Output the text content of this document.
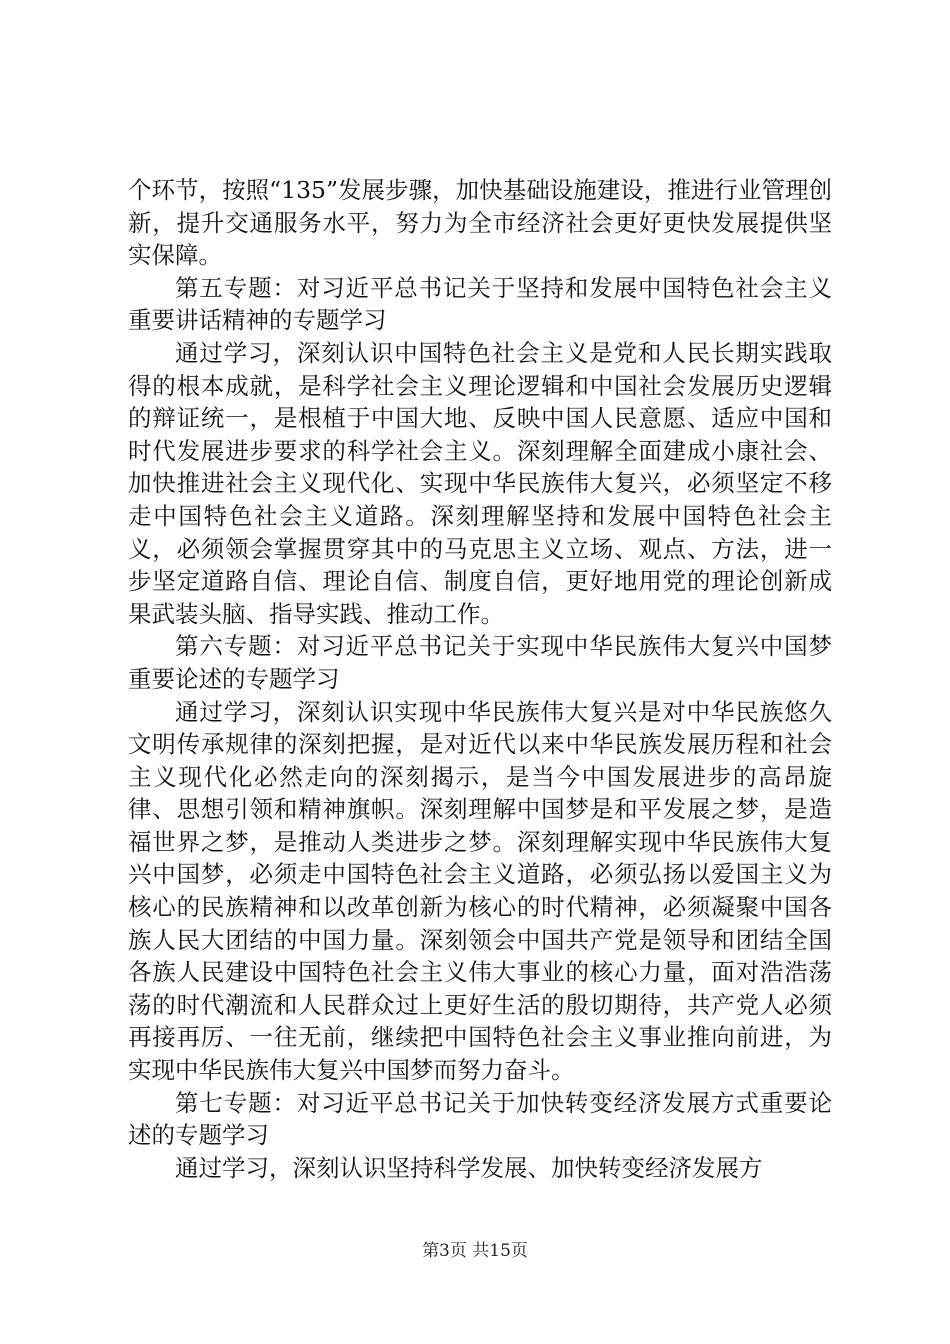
个环节，按照“135”发展步骤，加快基础设施建设，推进行业管理创新，提升交通服务水平，努力为全市经济社会更好更快发展提供坚实保障。

第五专题：对习近平总书记关于坚持和发展中国特色社会主义重要讲话精神的专题学习

通过学习，深刻认识中国特色社会主义是党和人民长期实践取得的根本成就，是科学社会主义理论逻辑和中国社会发展历史逻辑的辩证统一，是根植于中国大地、反映中国人民意愿、适应中国和时代发展进步要求的科学社会主义。深刻理解全面建成小康社会、加快推进社会主义现代化、实现中华民族伟大复兴，必须坚定不移走中国特色社会主义道路。深刻理解坚持和发展中国特色社会主义，必须领会掌握贯穿其中的马克思主义立场、观点、方法，进一步坚定道路自信、理论自信、制度自信，更好地用党的理论创新成果武装头脑、指导实践、推动工作。

第六专题：对习近平总书记关于实现中华民族伟大复兴中国梦重要论述的专题学习

通过学习，深刻认识实现中华民族伟大复兴是对中华民族悠久文明传承规律的深刻把握，是对近代以来中华民族发展历程和社会主义现代化必然走向的深刻揭示，是当今中国发展进步的高昂旋律、思想引领和精神旗帜。深刻理解中国梦是和平发展之梦，是造福世界之梦，是推动人类进步之梦。深刻理解实现中华民族伟大复兴中国梦，必须走中国特色社会主义道路，必须弘扬以爱国主义为核心的民族精神和以改革创新为核心的时代精神，必须凝聚中国各族人民大团结的中国力量。深刻领会中国共产党是领导和团结全国各族人民建设中国特色社会主义伟大事业的核心力量，面对浩浩荡荡的时代潮流和人民群众过上更好生活的殷切期待，共产党人必须再接再厉、一往无前，继续把中国特色社会主义事业推向前进，为实现中华民族伟大复兴中国梦而努力奋斗。

第七专题：对习近平总书记关于加快转变经济发展方式重要论述的专题学习

通过学习，深刻认识坚持科学发展、加快转变经济发展方

第3页 共15页
